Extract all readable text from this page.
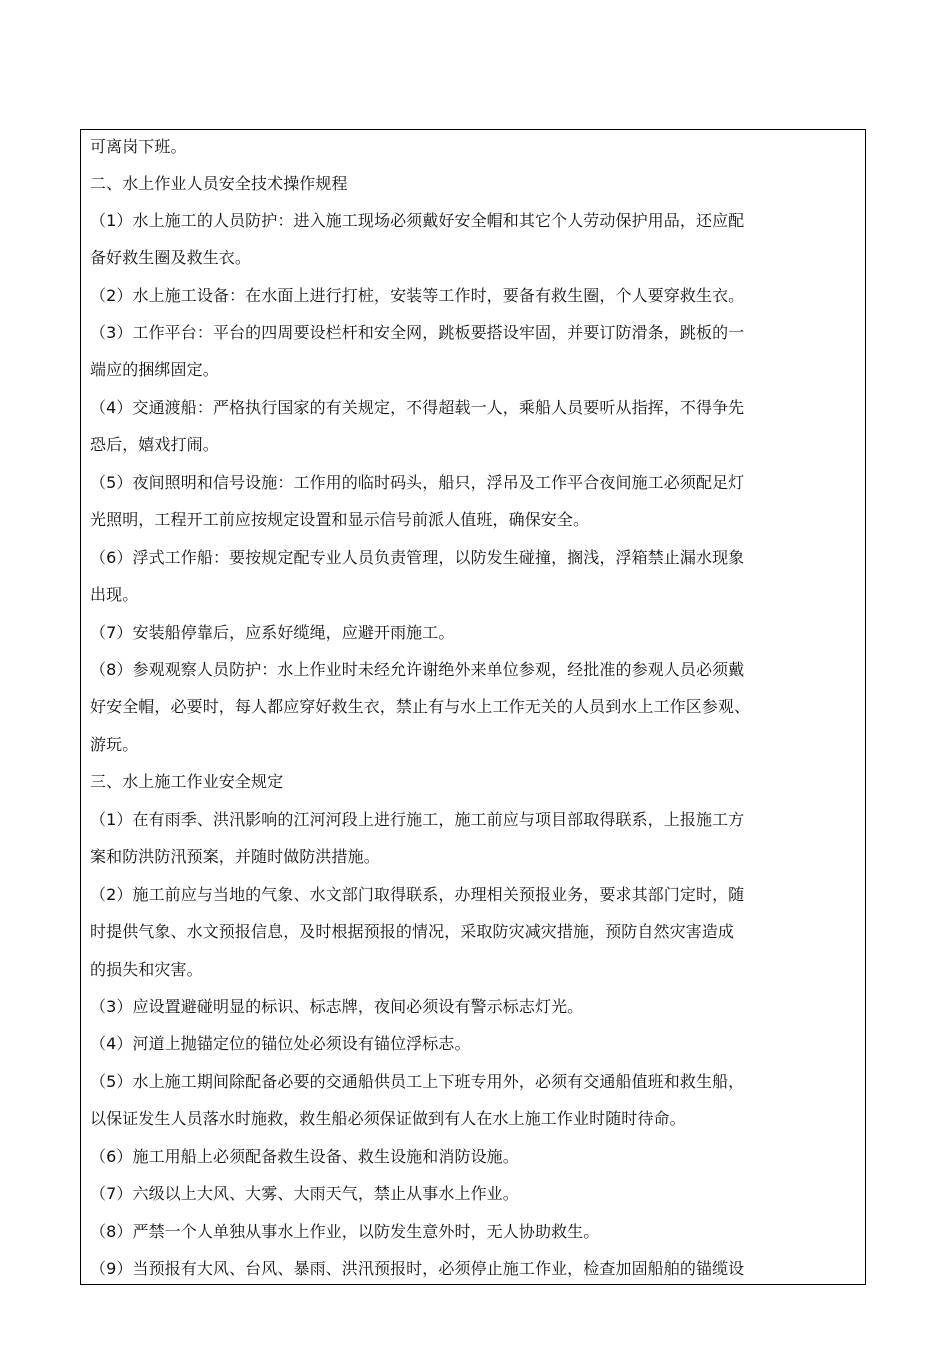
可离岗下班。
二、水上作业人员安全技术操作规程
（1）水上施工的人员防护：进入施工现场必须戴好安全帽和其它个人劳动保护用品，还应配
备好救生圈及救生衣。
（2）水上施工设备：在水面上进行打桩，安装等工作时，要备有救生圈，个人要穿救生衣。
（3）工作平台：平台的四周要设栏杆和安全网，跳板要搭设牢固，并要订防滑条，跳板的一
端应的捆绑固定。
（4）交通渡船：严格执行国家的有关规定，不得超载一人，乘船人员要听从指挥，不得争先
恐后，嬉戏打闹。
（5）夜间照明和信号设施：工作用的临时码头，船只，浮吊及工作平合夜间施工必须配足灯
光照明，工程开工前应按规定设置和显示信号前派人值班，确保安全。
（6）浮式工作船：要按规定配专业人员负责管理，以防发生碰撞，搁浅，浮箱禁止漏水现象
出现。
（7）安装船停靠后，应系好缆绳，应避开雨施工。
（8）参观观察人员防护：水上作业时未经允许谢绝外来单位参观，经批准的参观人员必须戴
好安全帽，必要时，每人都应穿好救生衣，禁止有与水上工作无关的人员到水上工作区参观、
游玩。
三、水上施工作业安全规定
（1）在有雨季、洪汛影响的江河河段上进行施工，施工前应与项目部取得联系，上报施工方
案和防洪防汛预案，并随时做防洪措施。
（2）施工前应与当地的气象、水文部门取得联系，办理相关预报业务，要求其部门定时，随
时提供气象、水文预报信息，及时根据预报的情况，采取防灾减灾措施，预防自然灾害造成
的损失和灾害。
（3）应设置避碰明显的标识、标志牌，夜间必须设有警示标志灯光。
（4）河道上抛锚定位的锚位处必须设有锚位浮标志。
（5）水上施工期间除配备必要的交通船供员工上下班专用外，必须有交通船值班和救生船，
以保证发生人员落水时施救，救生船必须保证做到有人在水上施工作业时随时待命。
（6）施工用船上必须配备救生设备、救生设施和消防设施。
（7）六级以上大风、大雾、大雨天气，禁止从事水上作业。
（8）严禁一个人单独从事水上作业，以防发生意外时，无人协助救生。
（9）当预报有大风、台风、暴雨、洪汛预报时，必须停止施工作业，检查加固船舶的锚缆设
